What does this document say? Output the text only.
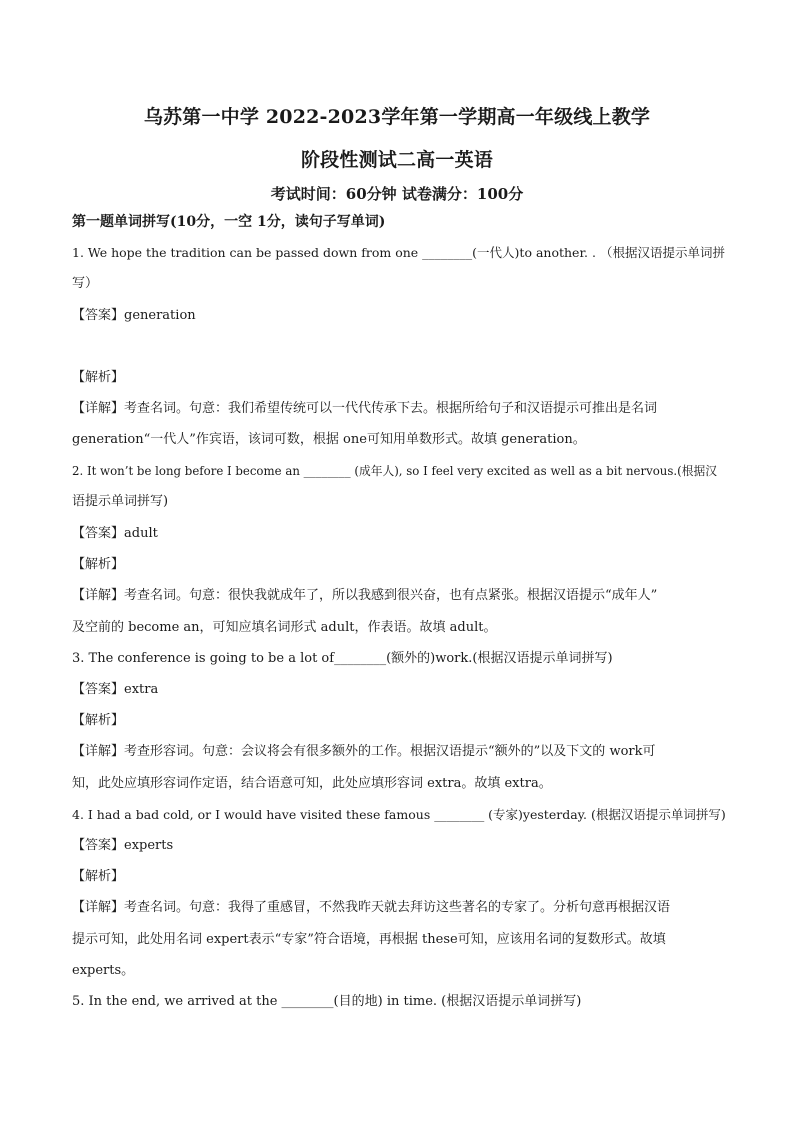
乌苏第一中学 2022-2023学年第一学期高一年级线上教学
阶段性测试二高一英语
考试时间：60分钟 试卷满分：100分
第一题单词拼写(10分，一空 1分，读句子写单词)
1. We hope the tradition can be passed down from one ________(一代人)to another. . （根据汉语提示单词拼
写）
【答案】generation
【解析】
【详解】考查名词。句意：我们希望传统可以一代代传承下去。根据所给句子和汉语提示可推出是名词
generation“一代人”作宾语，该词可数，根据 one可知用单数形式。故填 generation。
2. It won’t be long before I become an ________ (成年人), so I feel very excited as well as a bit nervous.(根据汉
语提示单词拼写)
【答案】adult
【解析】
【详解】考查名词。句意：很快我就成年了，所以我感到很兴奋，也有点紧张。根据汉语提示“成年人”
及空前的 become an，可知应填名词形式 adult，作表语。故填 adult。
3. The conference is going to be a lot of________(额外的)work.(根据汉语提示单词拼写)
【答案】extra
【解析】
【详解】考查形容词。句意：会议将会有很多额外的工作。根据汉语提示“额外的”以及下文的 work可
知，此处应填形容词作定语，结合语意可知，此处应填形容词 extra。故填 extra。
4. I had a bad cold, or I would have visited these famous ________ (专家)yesterday. (根据汉语提示单词拼写)
【答案】experts
【解析】
【详解】考查名词。句意：我得了重感冒，不然我昨天就去拜访这些著名的专家了。分析句意再根据汉语
提示可知，此处用名词 expert表示“专家”符合语境，再根据 these可知，应该用名词的复数形式。故填
experts。
5. In the end, we arrived at the ________(目的地) in time. (根据汉语提示单词拼写)
